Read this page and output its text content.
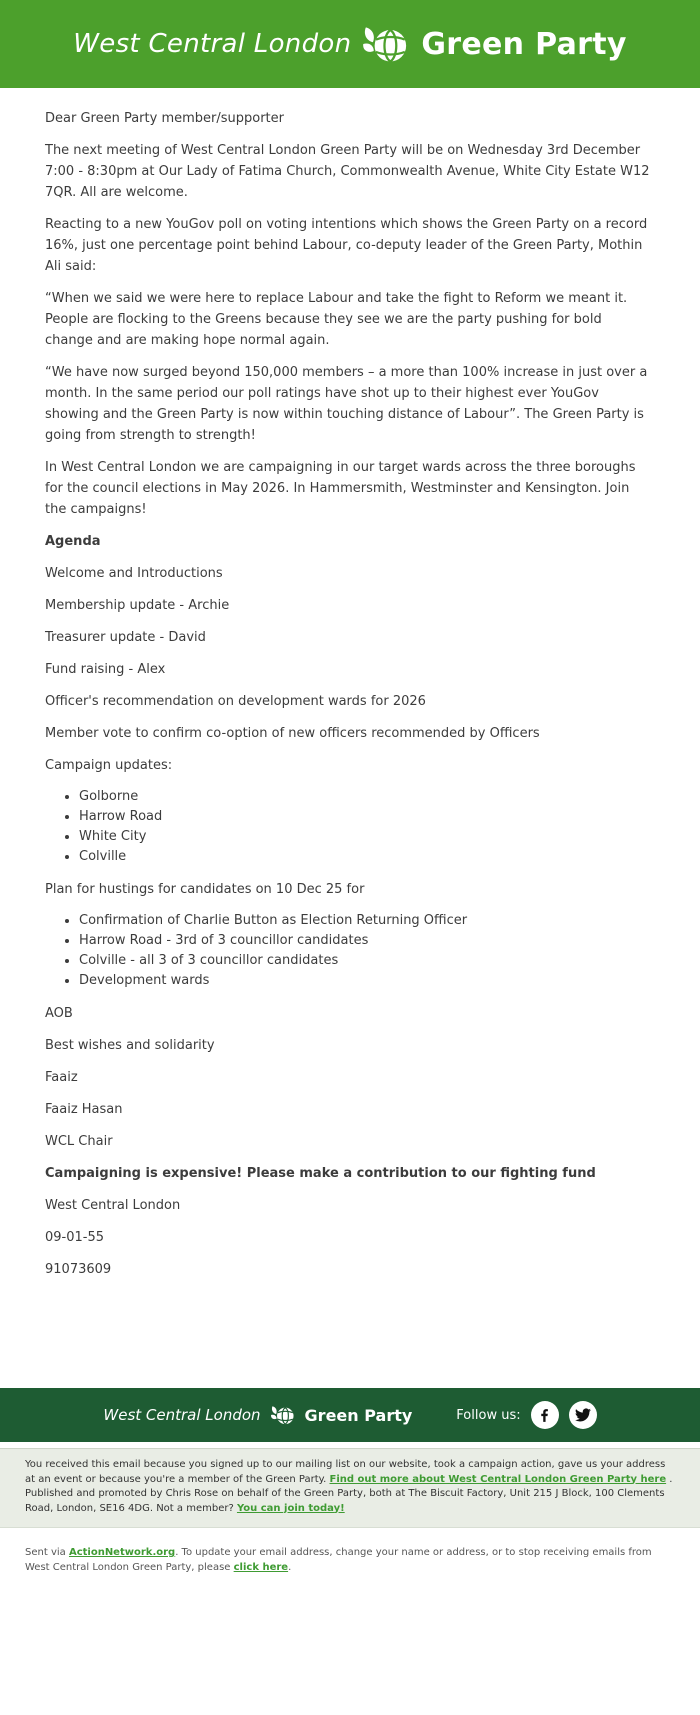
West Central London Green Party

Dear Green Party member/supporter

The next meeting of West Central London Green Party will be on Wednesday 3rd December 7:00 - 8:30pm at Our Lady of Fatima Church, Commonwealth Avenue, White City Estate W12 7QR. All are welcome.

Reacting to a new YouGov poll on voting intentions which shows the Green Party on a record 16%, just one percentage point behind Labour, co-deputy leader of the Green Party, Mothin Ali said:

“When we said we were here to replace Labour and take the fight to Reform we meant it. People are flocking to the Greens because they see we are the party pushing for bold change and are making hope normal again.

“We have now surged beyond 150,000 members – a more than 100% increase in just over a month. In the same period our poll ratings have shot up to their highest ever YouGov showing and the Green Party is now within touching distance of Labour”. The Green Party is going from strength to strength!

In West Central London we are campaigning in our target wards across the three boroughs for the council elections in May 2026. In Hammersmith, Westminster and Kensington. Join the campaigns!

Agenda

Welcome and Introductions

Membership update - Archie

Treasurer update - David

Fund raising - Alex

Officer's recommendation on development wards for 2026

Member vote to confirm co-option of new officers recommended by Officers

Campaign updates:

• Golborne
• Harrow Road
• White City
• Colville

Plan for hustings for candidates on 10 Dec 25 for

• Confirmation of Charlie Button as Election Returning Officer
• Harrow Road - 3rd of 3 councillor candidates
• Colville - all 3 of 3 councillor candidates
• Development wards

AOB

Best wishes and solidarity

Faaiz

Faaiz Hasan

WCL Chair

Campaigning is expensive! Please make a contribution to our fighting fund

West Central London

09-01-55

91073609

West Central London	Green Party	Follow us:
You received this email because you signed up to our mailing list on our website, took a campaign action, gave us your address at an event or because you're a member of the Green Party. Find out more about West Central London Green Party here . Published and promoted by Chris Rose on behalf of the Green Party, both at The Biscuit Factory, Unit 215 J Block, 100 Clements Road, London, SE16 4DG. Not a member? You can join today!
Sent via ActionNetwork.org. To update your email address, change your name or address, or to stop receiving emails from West Central London Green Party, please click here.
